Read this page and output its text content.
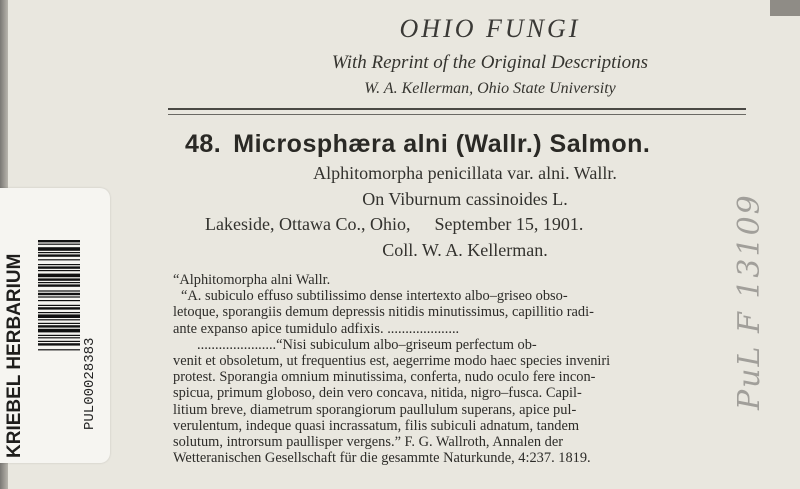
OHIO FUNGI
With Reprint of the Original Descriptions
W. A. Kellerman, Ohio State University
48. Microsphæra alni (Wallr.) Salmon.
Alphitomorpha penicillata var. alni. Wallr.
On Viburnum cassinoides L.
Lakeside, Ottawa Co., Ohio, September 15, 1901.
Coll. W. A. Kellerman.
“Alphitomorpha alni Wallr.
“A. subiculo effuso subtilissimo dense intertexto albo–griseo obso-
letoque, sporangiis demum depressis nitidis minutissimus, capillitio radi-
ante expanso apice tumidulo adfixis. ....................
......................“Nisi subiculum albo–griseum perfectum ob-
venit et obsoletum, ut frequentius est, aegerrime modo haec species inveniri
protest. Sporangia omnium minutissima, conferta, nudo oculo fere incon-
spicua, primum globoso, dein vero concava, nitida, nigro–fusca. Capil-
litium breve, diametrum sporangiorum paullulum superans, apice pul-
verulentum, indeque quasi incrassatum, filis subiculi adnatum, tandem
solutum, introrsum paullisper vergens.” F. G. Wallroth, Annalen der
Wetteranischen Gesellschaft für die gesammte Naturkunde, 4:237. 1819.
KRIEBEL HERBARIUM	PUL00028383	PuL F 13109
